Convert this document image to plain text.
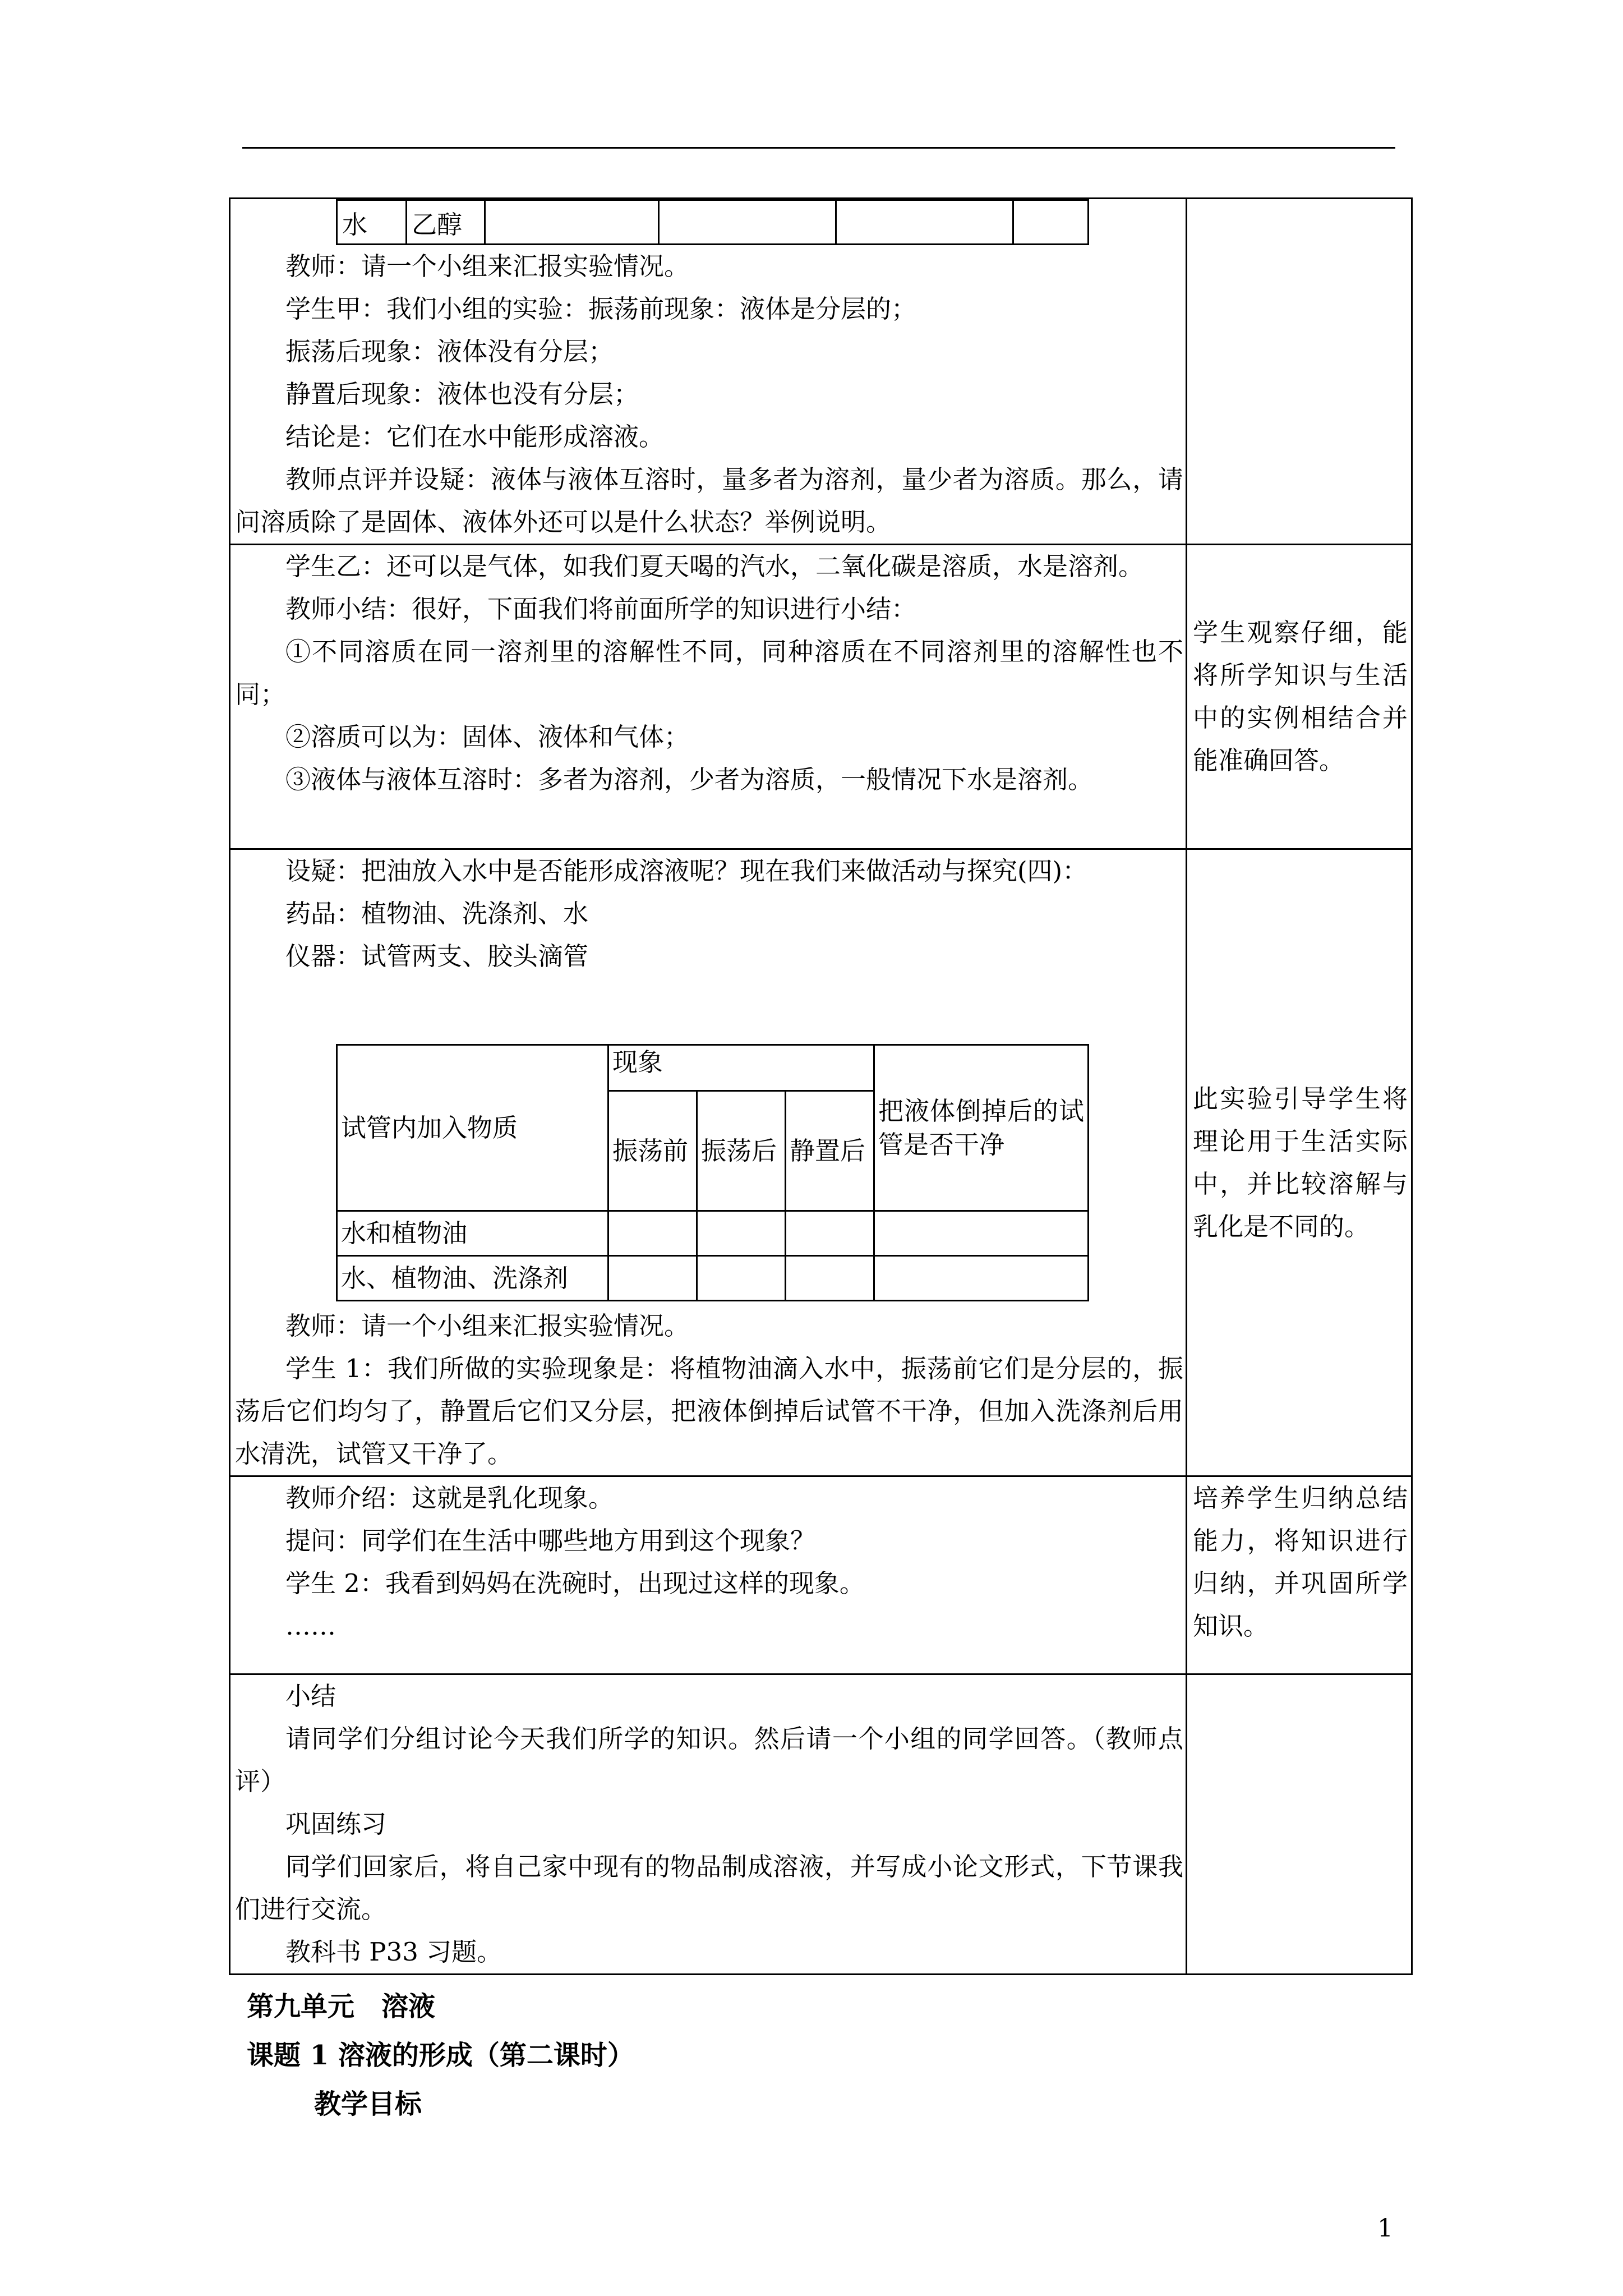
水	乙醇				

教师：请一个小组来汇报实验情况。

学生甲：我们小组的实验：振荡前现象：液体是分层的；

振荡后现象：液体没有分层；

静置后现象：液体也没有分层；

结论是：它们在水中能形成溶液。

教师点评并设疑：液体与液体互溶时，量多者为溶剂，量少者为溶质。那么，请问溶质除了是固体、液体外还可以是什么状态？举例说明。

学生乙：还可以是气体，如我们夏天喝的汽水，二氧化碳是溶质，水是溶剂。

教师小结：很好，下面我们将前面所学的知识进行小结：

①不同溶质在同一溶剂里的溶解性不同，同种溶质在不同溶剂里的溶解性也不同；

②溶质可以为：固体、液体和气体；

③液体与液体互溶时：多者为溶剂，少者为溶质，一般情况下水是溶剂。

学生观察仔细，能将所学知识与生活中的实例相结合并能准确回答。

设疑：把油放入水中是否能形成溶液呢？现在我们来做活动与探究(四)：

药品：植物油、洗涤剂、水

仪器：试管两支、胶头滴管

试管内加入物质	现象	把液体倒掉后的试管是否干净
振荡前	振荡后	静置后
水和植物油				
水、植物油、洗涤剂				

教师：请一个小组来汇报实验情况。

学生 1：我们所做的实验现象是：将植物油滴入水中，振荡前它们是分层的，振荡后它们均匀了，静置后它们又分层，把液体倒掉后试管不干净，但加入洗涤剂后用水清洗，试管又干净了。

此实验引导学生将理论用于生活实际中，并比较溶解与乳化是不同的。

教师介绍：这就是乳化现象。

提问：同学们在生活中哪些地方用到这个现象？

学生 2：我看到妈妈在洗碗时，出现过这样的现象。

……

培养学生归纳总结能力，将知识进行归纳，并巩固所学知识。

小结

请同学们分组讨论今天我们所学的知识。然后请一个小组的同学回答。（教师点评）

巩固练习

同学们回家后，将自己家中现有的物品制成溶液，并写成小论文形式，下节课我们进行交流。

教科书 P33 习题。

第九单元　溶液
课题 1 溶液的形成（第二课时）
教学目标
1
